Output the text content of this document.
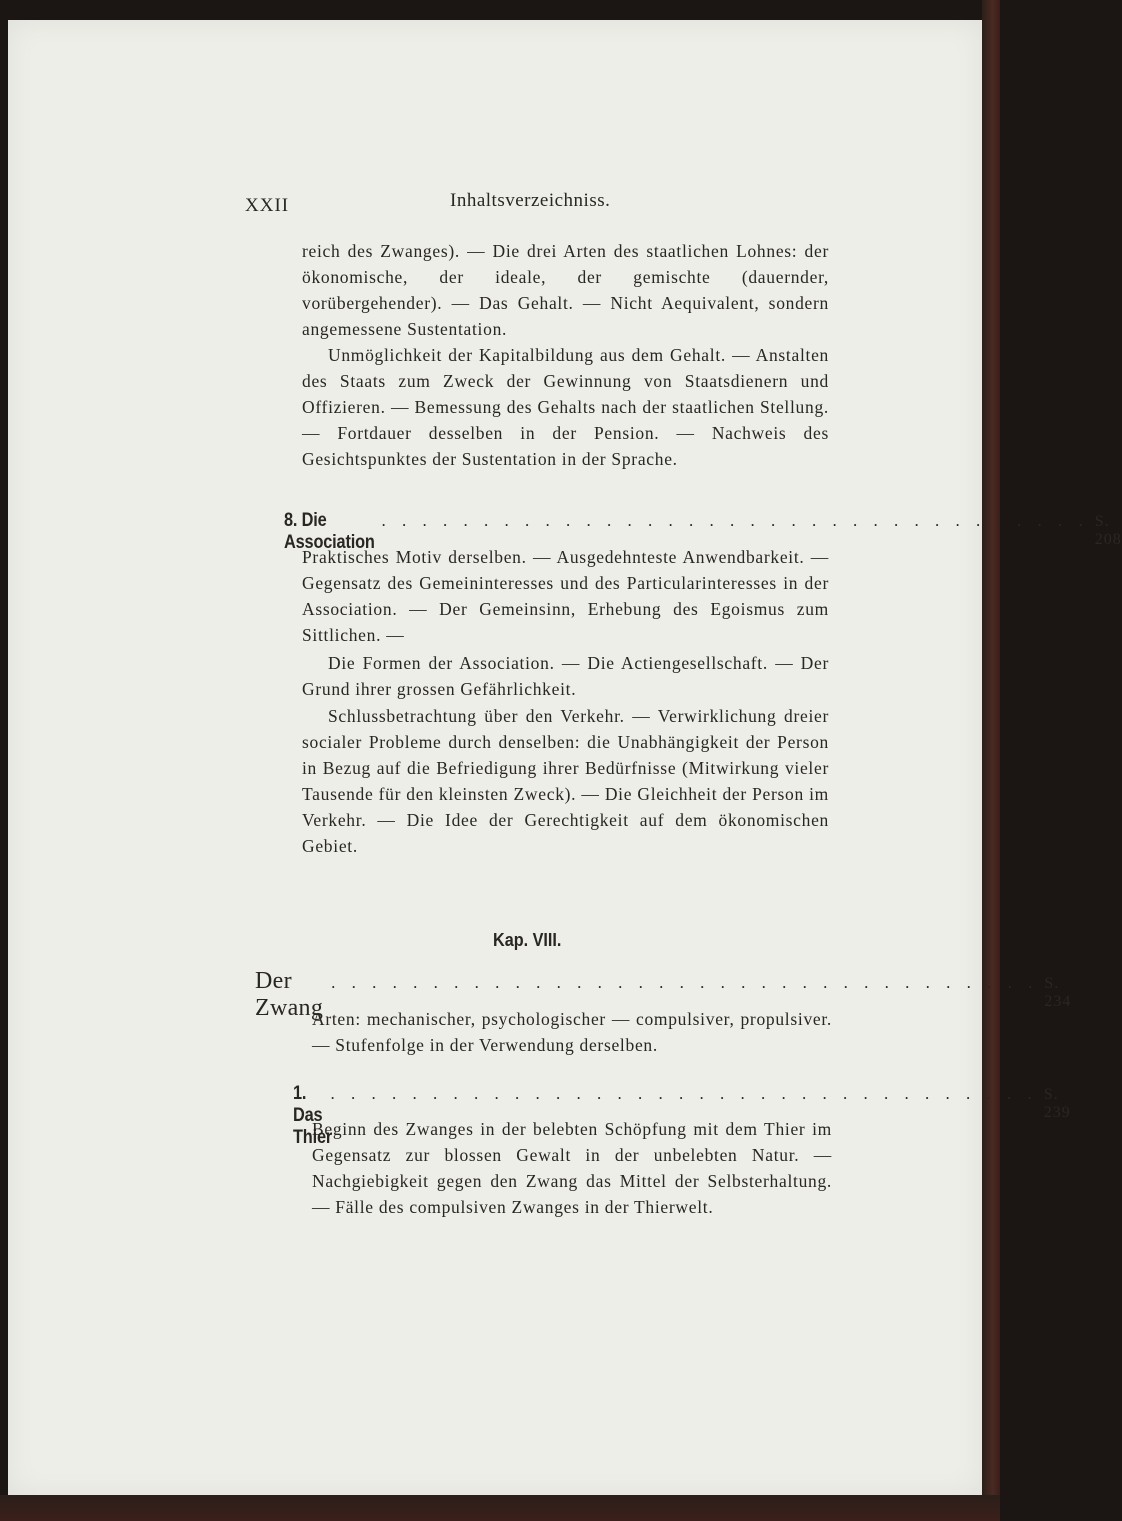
XXII	Inhaltsverzeichniss.
reich des Zwanges). — Die drei Arten des staatlichen Lohnes: der ökonomische, der ideale, der gemischte (dauernder, vorübergehender). — Das Gehalt. — Nicht Aequivalent, sondern angemessene Sustentation.
Unmöglichkeit der Kapitalbildung aus dem Gehalt. — Anstalten des Staats zum Zweck der Gewinnung von Staatsdienern und Offizieren. — Bemessung des Gehalts nach der staatlichen Stellung. — Fortdauer desselben in der Pension. — Nachweis des Gesichtspunktes der Sustentation in der Sprache.
8. Die Association
. . . . . . . . . . . . . . . . . . . . . . . . . . . . . . . . . . . S. 208
Praktisches Motiv derselben. — Ausgedehnteste Anwendbarkeit. — Gegensatz des Gemeininteresses und des Particularinteresses in der Association. — Der Gemeinsinn, Erhebung des Egoismus zum Sittlichen. —
Die Formen der Association. — Die Actiengesellschaft. — Der Grund ihrer grossen Gefährlichkeit.
Schlussbetrachtung über den Verkehr. — Verwirklichung dreier socialer Probleme durch denselben: die Unabhängigkeit der Person in Bezug auf die Befriedigung ihrer Bedürfnisse (Mitwirkung vieler Tausende für den kleinsten Zweck). — Die Gleichheit der Person im Verkehr. — Die Idee der Gerechtigkeit auf dem ökonomischen Gebiet.
Kap. VIII.
Der Zwang
. . . . . . . . . . . . . . . . . . . . . . . . . . . . . . . . . . . S. 234
Arten: mechanischer, psychologischer — compulsiver, propulsiver. — Stufenfolge in der Verwendung derselben.
1. Das Thier
. . . . . . . . . . . . . . . . . . . . . . . . . . . . . . . . . . . S. 239
Beginn des Zwanges in der belebten Schöpfung mit dem Thier im Gegensatz zur blossen Gewalt in der unbelebten Natur. — Nachgiebigkeit gegen den Zwang das Mittel der Selbsterhaltung. — Fälle des compulsiven Zwanges in der Thierwelt.
